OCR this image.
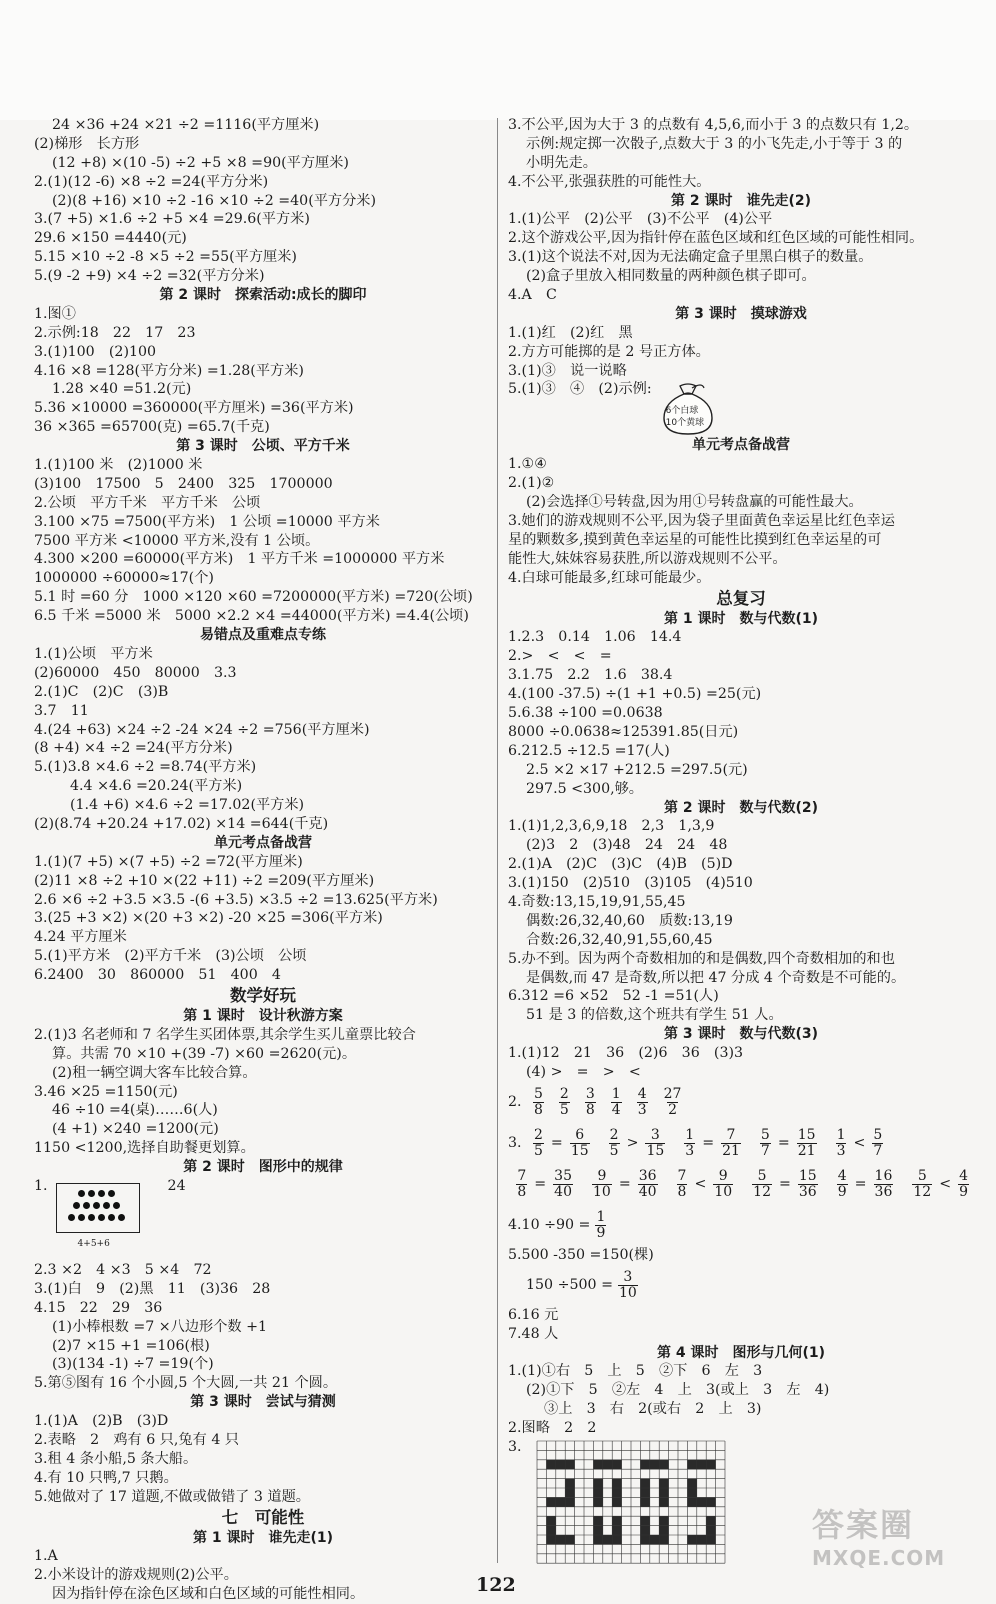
24 ×36 +24 ×21 ÷2 =1116(平方厘米)
(2)梯形　长方形
(12 +8) ×(10 -5) ÷2 +5 ×8 =90(平方厘米)
2.(1)(12 -6) ×8 ÷2 =24(平方分米)
(2)(8 +16) ×10 ÷2 -16 ×10 ÷2 =40(平方分米)
3.(7 +5) ×1.6 ÷2 +5 ×4 =29.6(平方米)
29.6 ×150 =4440(元)
5.15 ×10 ÷2 -8 ×5 ÷2 =55(平方厘米)
5.(9 -2 +9) ×4 ÷2 =32(平方分米)
第 2 课时　探索活动:成长的脚印
1.图①
2.示例:18　22　17　23
3.(1)100　(2)100
4.16 ×8 =128(平方分米) =1.28(平方米)
1.28 ×40 =51.2(元)
5.36 ×10000 =360000(平方厘米) =36(平方米)
36 ×365 =65700(克) =65.7(千克)
第 3 课时　公顷、平方千米
1.(1)100 米　(2)1000 米
(3)100　17500　5　2400　325　1700000
2.公顷　平方千米　平方千米　公顷
3.100 ×75 =7500(平方米)　1 公顷 =10000 平方米
7500 平方米 <10000 平方米,没有 1 公顷。
4.300 ×200 =60000(平方米)　1 平方千米 =1000000 平方米
1000000 ÷60000≈17(个)
5.1 时 =60 分　1000 ×120 ×60 =7200000(平方米) =720(公顷)
6.5 千米 =5000 米　5000 ×2.2 ×4 =44000(平方米) =4.4(公顷)
易错点及重难点专练
1.(1)公顷　平方米
(2)60000　450　80000　3.3
2.(1)C　(2)C　(3)B
3.7　11
4.(24 +63) ×24 ÷2 -24 ×24 ÷2 =756(平方厘米)
(8 +4) ×4 ÷2 =24(平方分米)
5.(1)3.8 ×4.6 ÷2 =8.74(平方米)
4.4 ×4.6 =20.24(平方米)
(1.4 +6) ×4.6 ÷2 =17.02(平方米)
(2)(8.74 +20.24 +17.02) ×14 =644(千克)
单元考点备战营
1.(1)(7 +5) ×(7 +5) ÷2 =72(平方厘米)
(2)11 ×8 ÷2 +10 ×(22 +11) ÷2 =209(平方厘米)
2.6 ×6 ÷2 +3.5 ×3.5 -(6 +3.5) ×3.5 ÷2 =13.625(平方米)
3.(25 +3 ×2) ×(20 +3 ×2) -20 ×25 =306(平方米)
4.24 平方厘米
5.(1)平方米　(2)平方千米　(3)公顷　公顷
6.2400　30　860000　51　400　4
数学好玩
第 1 课时　设计秋游方案
2.(1)3 名老师和 7 名学生买团体票,其余学生买儿童票比较合
算。共需 70 ×10 +(39 -7) ×60 =2620(元)。
(2)租一辆空调大客车比较合算。
3.46 ×25 =1150(元)
46 ÷10 =4(桌)……6(人)
(4 +1) ×240 =1200(元)
1150 <1200,选择自助餐更划算。
第 2 课时　图形中的规律
1.
4+5+6
24
2.3 ×2　4 ×3　5 ×4　72
3.(1)白　9　(2)黑　11　(3)36　28
4.15　22　29　36
(1)小棒根数 =7 ×八边形个数 +1
(2)7 ×15 +1 =106(根)
(3)(134 -1) ÷7 =19(个)
5.第⑤图有 16 个小圆,5 个大圆,一共 21 个圆。
第 3 课时　尝试与猜测
1.(1)A　(2)B　(3)D
2.表略　2　鸡有 6 只,兔有 4 只
3.租 4 条小船,5 条大船。
4.有 10 只鸭,7 只鹅。
5.她做对了 17 道题,不做或做错了 3 道题。
七　可能性
第 1 课时　谁先走(1)
1.A
2.小米设计的游戏规则(2)公平。
因为指针停在涂色区域和白色区域的可能性相同。
3.不公平,因为大于 3 的点数有 4,5,6,而小于 3 的点数只有 1,2。
示例:规定掷一次骰子,点数大于 3 的小飞先走,小于等于 3 的
小明先走。
4.不公平,张强获胜的可能性大。
第 2 课时　谁先走(2)
1.(1)公平　(2)公平　(3)不公平　(4)公平
2.这个游戏公平,因为指针停在蓝色区域和红色区域的可能性相同。
3.(1)这个说法不对,因为无法确定盒子里黑白棋子的数量。
(2)盒子里放入相同数量的两种颜色棋子即可。
4.A　C
第 3 课时　摸球游戏
1.(1)红　(2)红　黑
2.方方可能掷的是 2 号正方体。
3.(1)③　说一说略
5.(1)③　④　(2)示例:
6个白球
10个黄球
单元考点备战营
1.①④
2.(1)②
(2)会选择①号转盘,因为用①号转盘赢的可能性最大。
3.她们的游戏规则不公平,因为袋子里面黄色幸运星比红色幸运
星的颗数多,摸到黄色幸运星的可能性比摸到红色幸运星的可
能性大,妹妹容易获胜,所以游戏规则不公平。
4.白球可能最多,红球可能最少。
总复习
第 1 课时　数与代数(1)
1.2.3　0.14　1.06　14.4
2.>　<　<　=
3.1.75　2.2　1.6　38.4
4.(100 -37.5) ÷(1 +1 +0.5) =25(元)
5.6.38 ÷100 =0.0638
8000 ÷0.0638≈125391.85(日元)
6.212.5 ÷12.5 =17(人)
2.5 ×2 ×17 +212.5 =297.5(元)
297.5 <300,够。
第 2 课时　数与代数(2)
1.(1)1,2,3,6,9,18　2,3　1,3,9
(2)3　2　(3)48　24　24　48
2.(1)A　(2)C　(3)C　(4)B　(5)D
3.(1)150　(2)510　(3)105　(4)510
4.奇数:13,15,19,91,55,45
偶数:26,32,40,60　质数:13,19
合数:26,32,40,91,55,60,45
5.办不到。因为两个奇数相加的和是偶数,四个奇数相加的和也
是偶数,而 47 是奇数,所以把 47 分成 4 个奇数是不可能的。
6.312 =6 ×52　52 -1 =51(人)
51 是 3 的倍数,这个班共有学生 51 人。
第 3 课时　数与代数(3)
1.(1)12　21　36　(2)6　36　(3)3
(4) >　=　>　<
2. $\frac{5}{8} \frac{2}{5} \frac{3}{8} \frac{1}{4} \frac{4}{3} \frac{27}{2}$
3. $\frac{2}{5} = \frac{6}{15} \frac{2}{5} > \frac{3}{15} \frac{1}{3} = \frac{7}{21} \frac{5}{7} = \frac{15}{21} \frac{1}{3} < \frac{5}{7}$
$\frac{7}{8} = \frac{35}{40} \frac{9}{10} = \frac{36}{40} \frac{7}{8} < \frac{9}{10} \frac{5}{12} = \frac{15}{36} \frac{4}{9} = \frac{16}{36} \frac{5}{12} < \frac{4}{9}$
$4.10 \div 90 = \frac{1}{9}$
5.500 -350 =150(棵)
$150 \div 500 = \frac{3}{10}$
6.16 元
7.48 人
第 4 课时　图形与几何(1)
1.(1)①右　5　上　5　②下　6　左　3
(2)①下　5　②左　4　上　3(或上　3　左　4)
③上　3　右　2(或右　2　上　3)
2.图略　2　2
3.
122
答案圈
MXQE.COM
